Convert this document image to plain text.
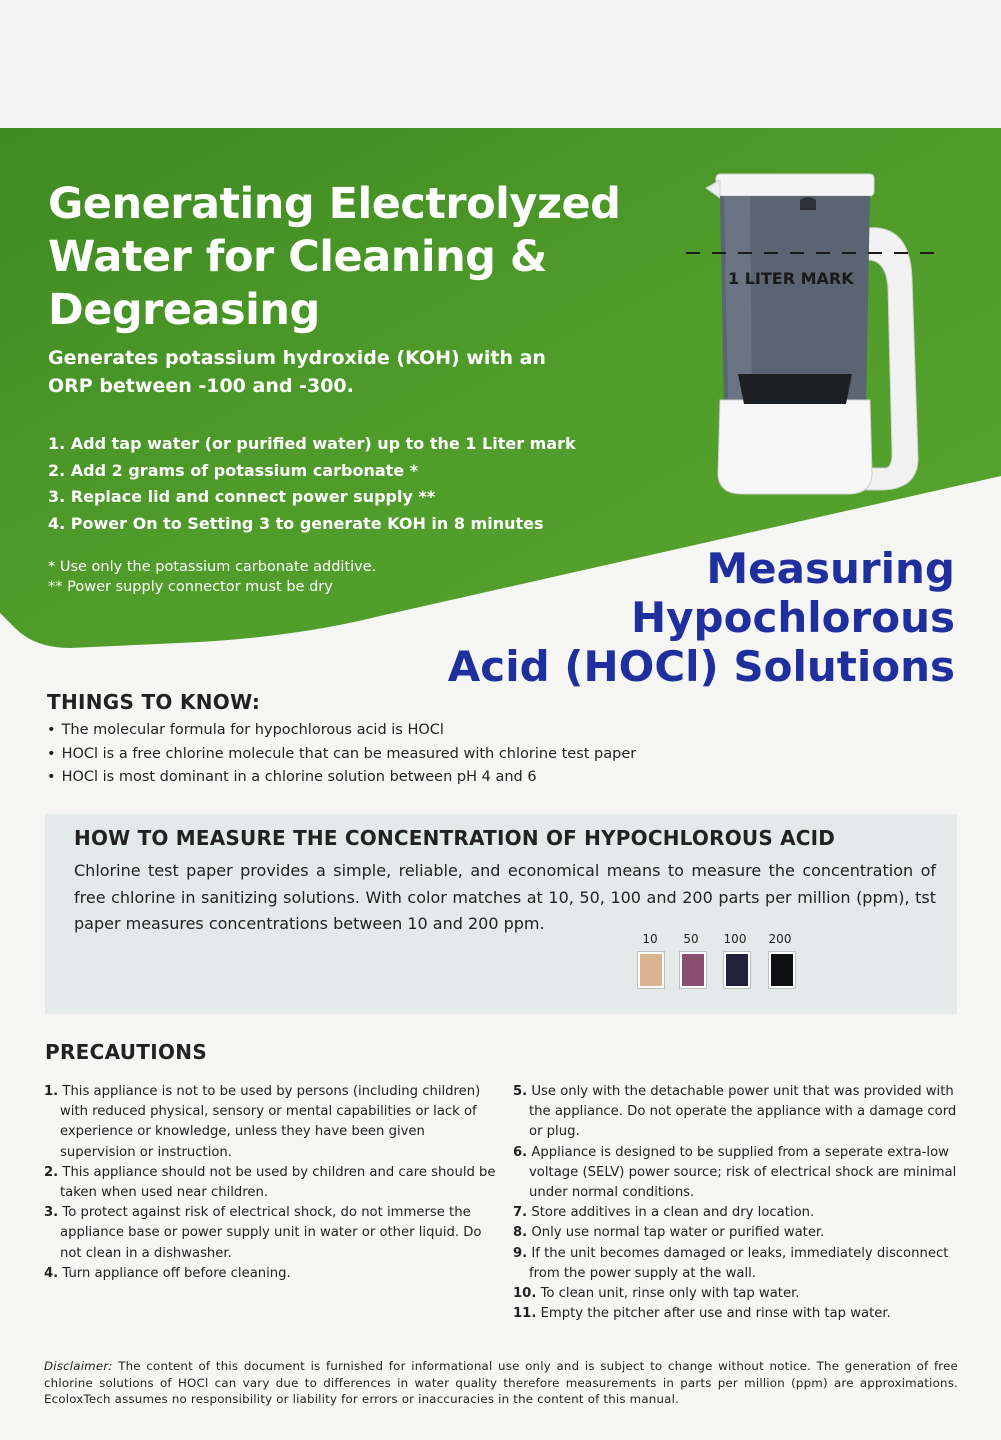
Generating Electrolyzed
Water for Cleaning &
Degreasing

Generates potassium hydroxide (KOH) with an ORP between -100 and -300.

1. Add tap water (or purified water) up to the 1 Liter mark
2. Add 2 grams of potassium carbonate *
3. Replace lid and connect power supply **
4. Power On to Setting 3 to generate KOH in 8 minutes
* Use only the potassium carbonate additive.
** Power supply connector must be dry
1 LITER MARK
Measuring
Hypochlorous
Acid (HOCl) Solutions
THINGS TO KNOW:
• The molecular formula for hypochlorous acid is HOCl
• HOCl is a free chlorine molecule that can be measured with chlorine test paper
• HOCl is most dominant in a chlorine solution between pH 4 and 6
HOW TO MEASURE THE CONCENTRATION OF HYPOCHLOROUS ACID

Chlorine test paper provides a simple, reliable, and economical means to measure the concentration of free chlorine in sanitizing solutions. With color matches at 10, 50, 100 and 200 parts per million (ppm), tst paper measures concentrations between 10 and 200 ppm.

10	50	100	200
PRECAUTIONS
1. This appliance is not to be used by persons (including children) with reduced physical, sensory or mental capabilities or lack of experience or knowledge, unless they have been given supervision or instruction.
2. This appliance should not be used by children and care should be taken when used near children.
3. To protect against risk of electrical shock, do not immerse the appliance base or power supply unit in water or other liquid. Do not clean in a dishwasher.
4. Turn appliance off before cleaning.
5. Use only with the detachable power unit that was provided with the appliance. Do not operate the appliance with a damage cord or plug.
6. Appliance is designed to be supplied from a seperate extra-low voltage (SELV) power source; risk of electrical shock are minimal under normal conditions.
7. Store additives in a clean and dry location.
8. Only use normal tap water or purified water.
9. If the unit becomes damaged or leaks, immediately disconnect from the power supply at the wall.
10. To clean unit, rinse only with tap water.
11. Empty the pitcher after use and rinse with tap water.

Disclaimer: The content of this document is furnished for informational use only and is subject to change without notice. The generation of free chlorine solutions of HOCl can vary due to differences in water quality therefore measurements in parts per million (ppm) are approximations. EcoloxTech assumes no responsibility or liability for errors or inaccuracies in the content of this manual.
